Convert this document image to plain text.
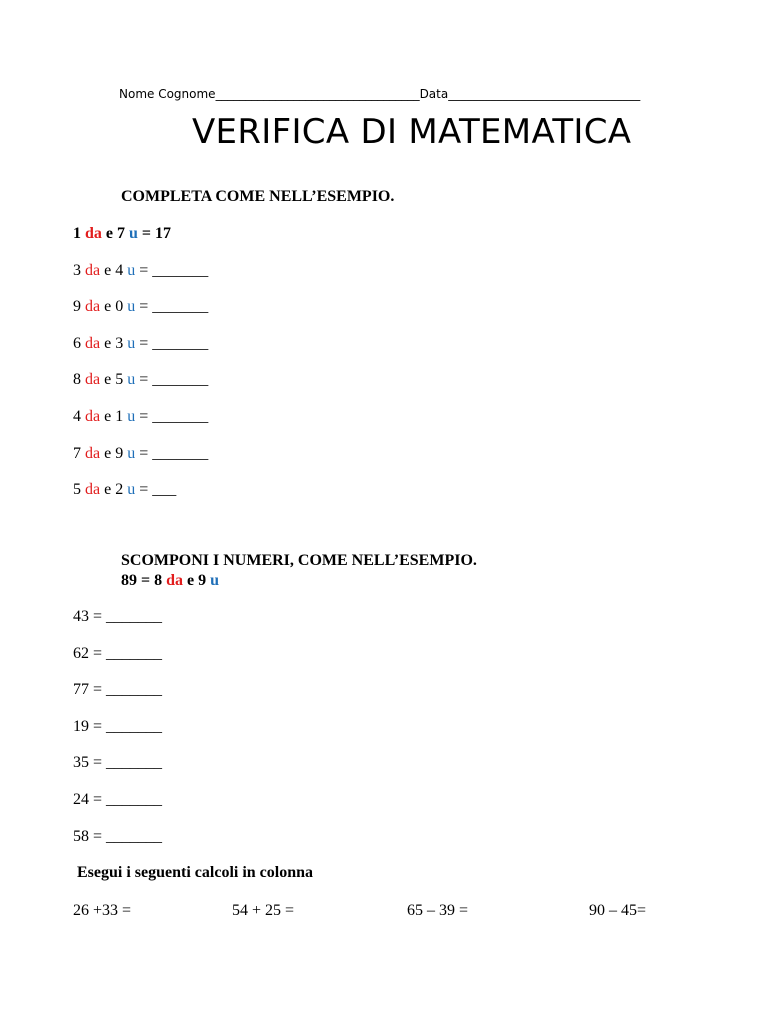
Nome Cognome__________________________________Data________________________________
VERIFICA DI MATEMATICA
COMPLETA COME NELL’ESEMPIO.
1 da e 7 u = 17
3 da e 4 u = _______
9 da e 0 u = _______
6 da e 3 u = _______
8 da e 5 u = _______
4 da e 1 u = _______
7 da e 9 u = _______
5 da e 2 u = ___
SCOMPONI I NUMERI, COME NELL’ESEMPIO.
89 = 8 da e 9 u
43 = _______
62 = _______
77 = _______
19 = _______
35 = _______
24 = _______
58 = _______
Esegui i seguenti calcoli in colonna
26 +33 =	54 + 25 =	65 – 39 =	90 – 45=
